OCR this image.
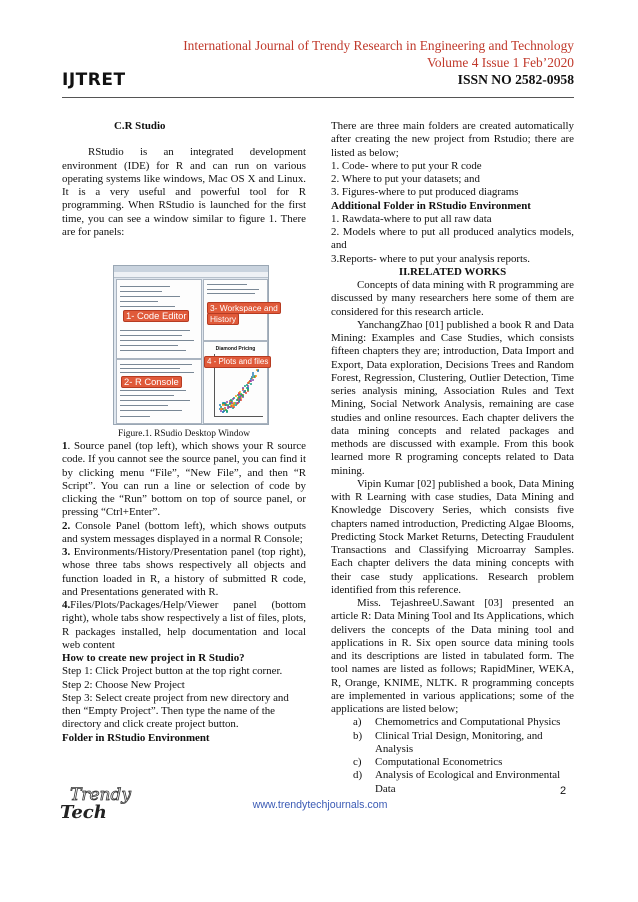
International Journal of Trendy Research in Engineering and Technology
Volume 4 Issue 1 Feb’2020
ISSN NO 2582-0958
IJTRET

C.R Studio

RStudio is an integrated development environment (IDE) for R and can run on various operating systems like windows, Mac OS X and Linux. It is a very useful and powerful tool for R programming. When RStudio is launched for the first time, you can see a window similar to figure 1. There are for panels:

1- Code Editor
2- R Console
3- Workspace and
History
Diamond Pricing
4 - Plots and files
Figure.1. RSudio Desktop Window

1. Source panel (top left), which shows your R source code. If you cannot see the source panel, you can find it by clicking menu “File”, “New File”, and then “R Script”. You can run a line or selection of code by clicking the “Run” bottom on top of source panel, or pressing “Ctrl+Enter”.

2. Console Panel (bottom left), which shows outputs and system messages displayed in a normal R Console;

3. Environments/History/Presentation panel (top right), whose three tabs shows respectively all objects and function loaded in R, a history of submitted R code, and Presentations generated with R.

4.Files/Plots/Packages/Help/Viewer panel (bottom right), whole tabs show respectively a list of files, plots, R packages installed, help documentation and local web content

How to create new project in R Studio?

Step 1: Click Project button at the top right corner.

Step 2: Choose New Project

Step 3: Select create project from new directory and then “Empty Project”. Then type the name of the directory and click create project button.

Folder in RStudio Environment

There are three main folders are created automatically after creating the new project from Rstudio; there are listed as below;

1. Code- where to put your R code

2. Where to put your datasets; and

3. Figures-where to put produced diagrams

Additional Folder in RStudio Environment

1. Rawdata-where to put all raw data

2. Models where to put all produced analytics models, and

3.Reports- where to put your analysis reports.

II.RELATED WORKS

Concepts of data mining with R programming are discussed by many researchers here some of them are considered for this research article.

YanchangZhao [01] published a book R and Data Mining: Examples and Case Studies, which consists fifteen chapters they are; introduction, Data Import and Export, Data exploration, Decisions Trees and Random Forest, Regression, Clustering, Outlier Detection, Time series analysis mining, Association Rules and Text Mining, Social Network Analysis, remaining are case studies and online resources. Each chapter delivers the data mining concepts and related packages and methods are discussed with example. From this book learned more R programing concepts related to Data mining.

Vipin Kumar [02] published a book, Data Mining with R Learning with case studies, Data Mining and Knowledge Discovery Series, which consists five chapters named introduction, Predicting Algae Blooms, Predicting Stock Market Returns, Detecting Fraudulent Transactions and Classifying Microarray Samples. Each chapter delivers the data mining concepts with their case study applications. Research problem identified from this reference.

Miss. TejashreeU.Sawant [03] presented an article R: Data Mining Tool and Its Applications, which delivers the concepts of the Data mining tool and applications in R. Six open source data mining tools and its descriptions are listed in tabulated form. The tool names are listed as follows; RapidMiner, WEKA, R, Orange, KNIME, NLTK. R programming concepts are implemented in various applications; some of the applications are listed below;

a) Chemometrics and Computational Physics
b) Clinical Trial Design, Monitoring, and Analysis
c) Computational Econometrics
d) Analysis of Ecological and Environmental Data
Trendy
Tech
2
www.trendytechjournals.com
